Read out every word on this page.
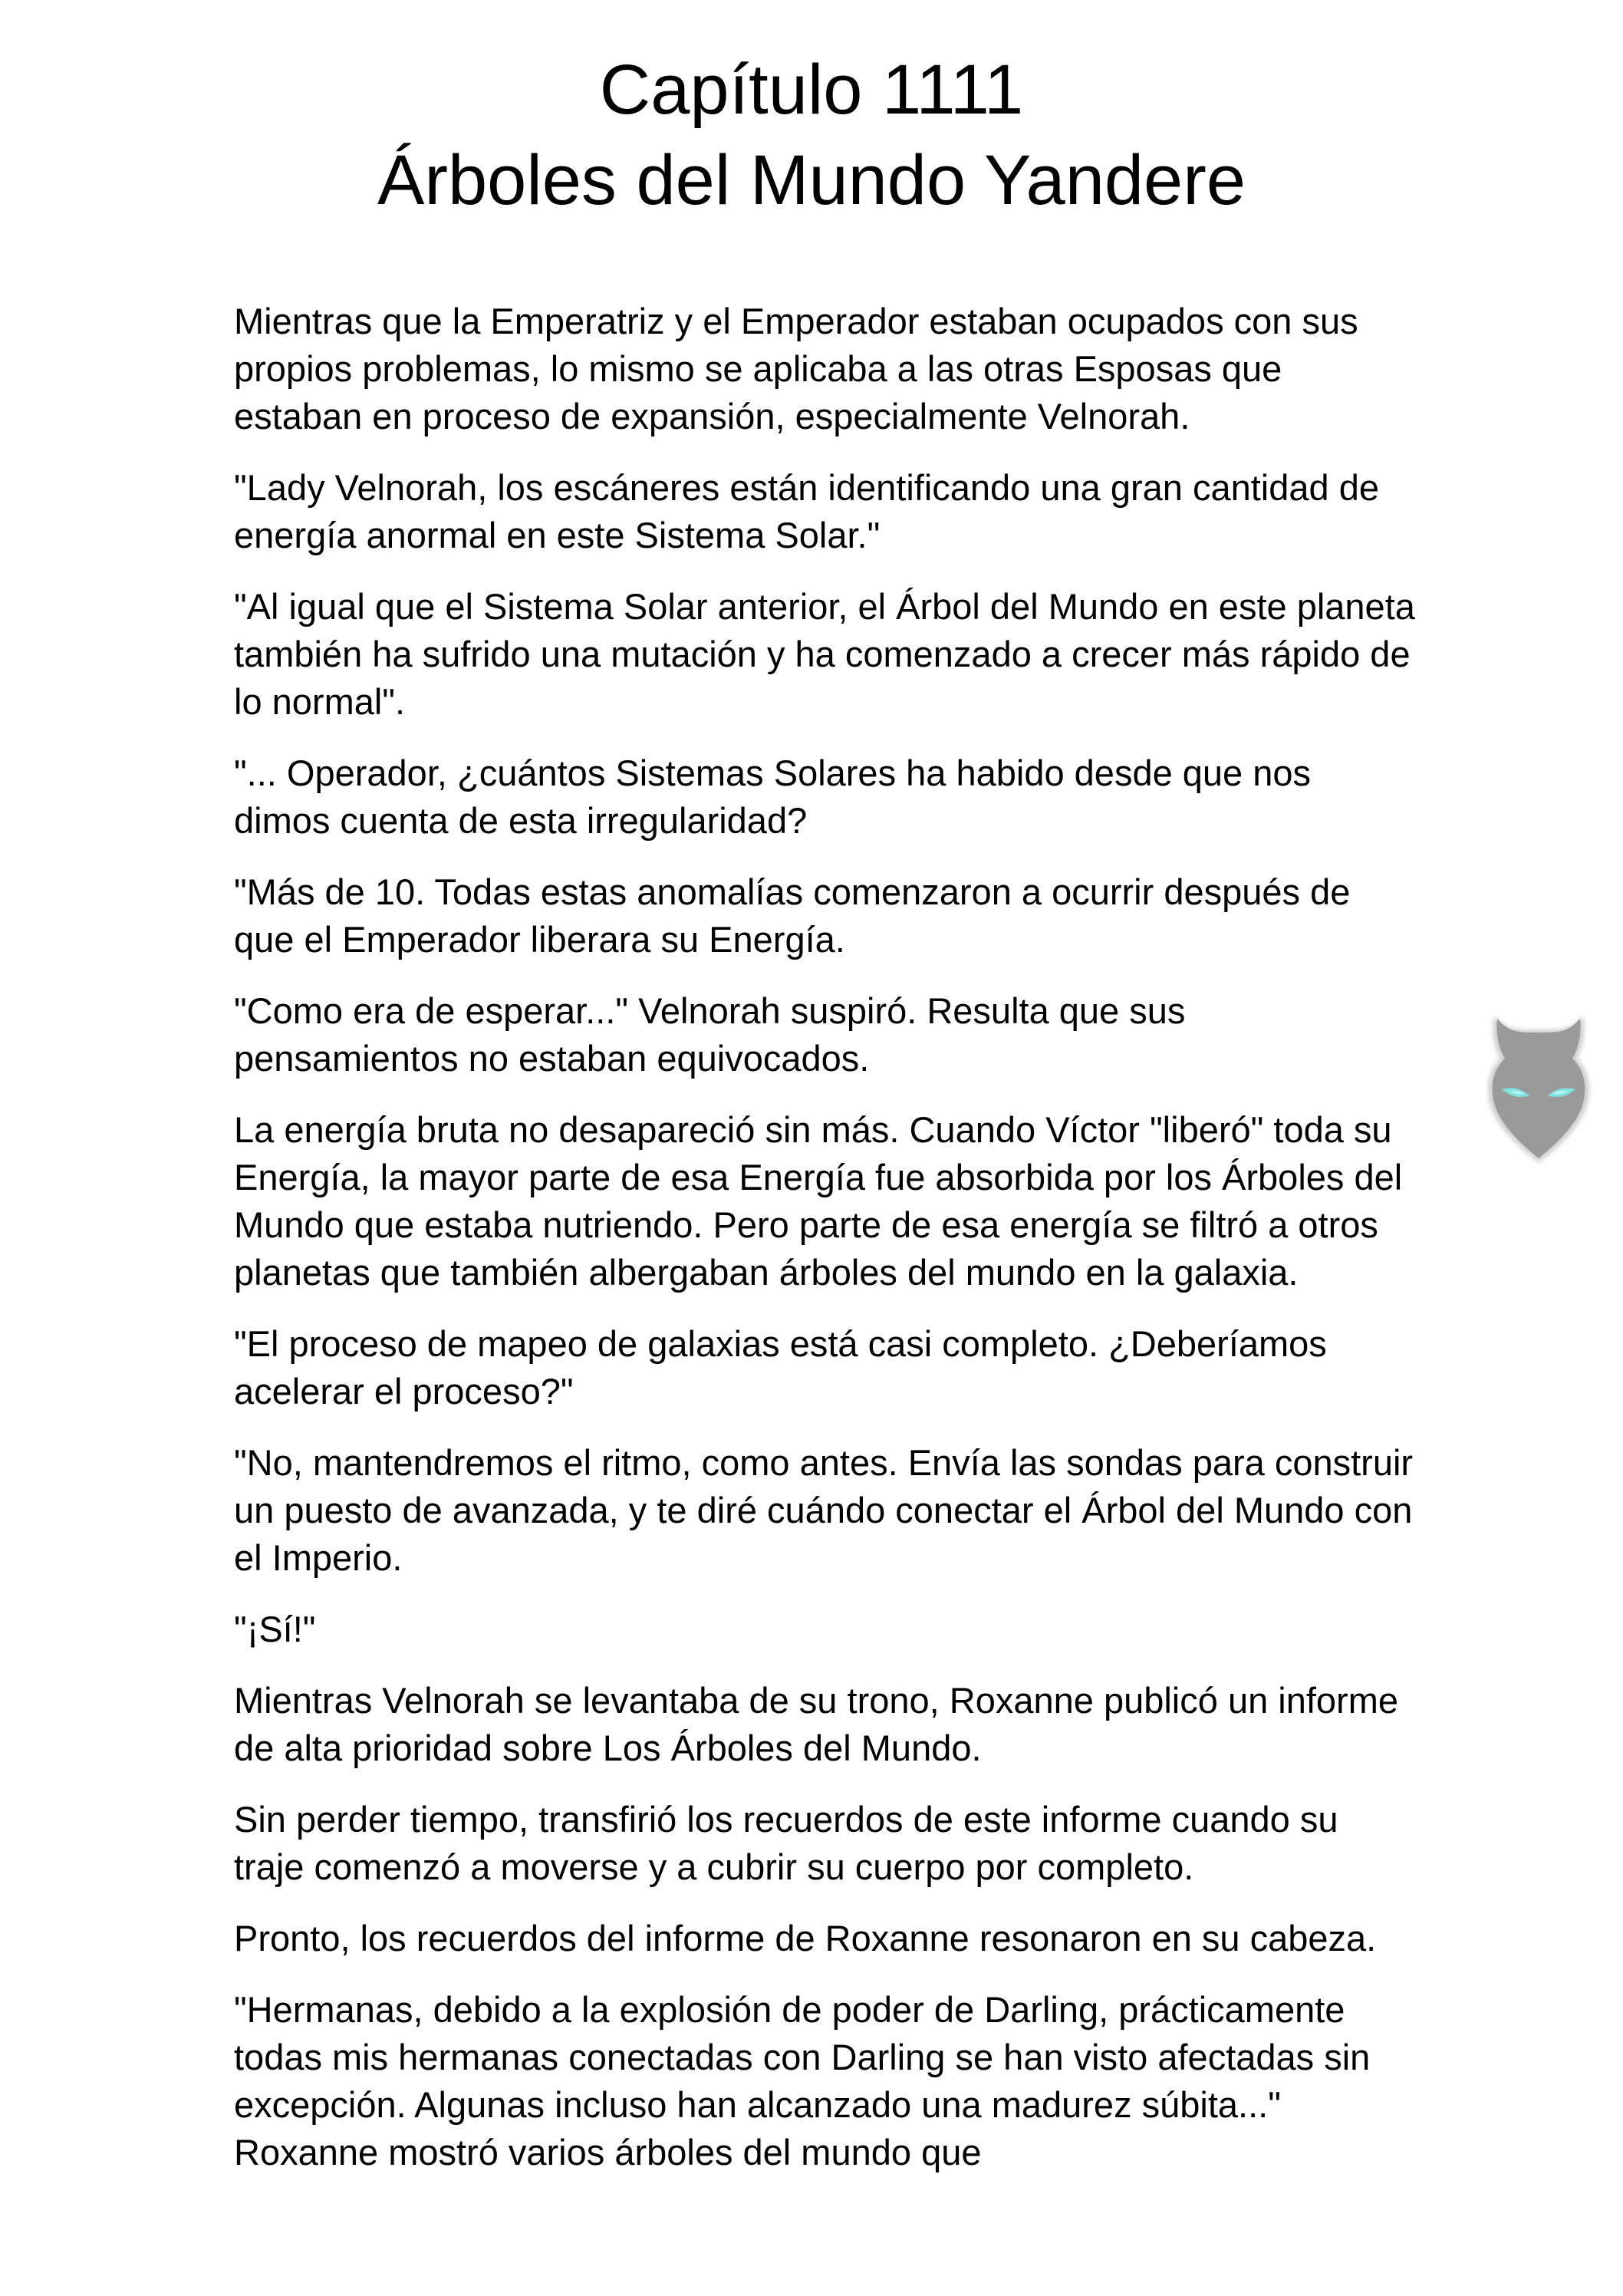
Capítulo 1111

Árboles del Mundo Yandere

Mientras que la Emperatriz y el Emperador estaban ocupados con sus propios problemas, lo mismo se aplicaba a las otras Esposas que estaban en proceso de expansión, especialmente Velnorah.

"Lady Velnorah, los escáneres están identificando una gran cantidad de energía anormal en este Sistema Solar."

"Al igual que el Sistema Solar anterior, el Árbol del Mundo en este planeta también ha sufrido una mutación y ha comenzado a crecer más rápido de lo normal".

"... Operador, ¿cuántos Sistemas Solares ha habido desde que nos dimos cuenta de esta irregularidad?

"Más de 10. Todas estas anomalías comenzaron a ocurrir después de que el Emperador liberara su Energía.

"Como era de esperar..." Velnorah suspiró. Resulta que sus pensamientos no estaban equivocados.

La energía bruta no desapareció sin más. Cuando Víctor "liberó" toda su Energía, la mayor parte de esa Energía fue absorbida por los Árboles del Mundo que estaba nutriendo. Pero parte de esa energía se filtró a otros planetas que también albergaban árboles del mundo en la galaxia.

"El proceso de mapeo de galaxias está casi completo. ¿Deberíamos acelerar el proceso?"

"No, mantendremos el ritmo, como antes. Envía las sondas para construir un puesto de avanzada, y te diré cuándo conectar el Árbol del Mundo con el Imperio.

"¡Sí!"

Mientras Velnorah se levantaba de su trono, Roxanne publicó un informe de alta prioridad sobre Los Árboles del Mundo.

Sin perder tiempo, transfirió los recuerdos de este informe cuando su traje comenzó a moverse y a cubrir su cuerpo por completo.

Pronto, los recuerdos del informe de Roxanne resonaron en su cabeza.

"Hermanas, debido a la explosión de poder de Darling, prácticamente todas mis hermanas conectadas con Darling se han visto afectadas sin excepción. Algunas incluso han alcanzado una madurez súbita..." Roxanne mostró varios árboles del mundo que
